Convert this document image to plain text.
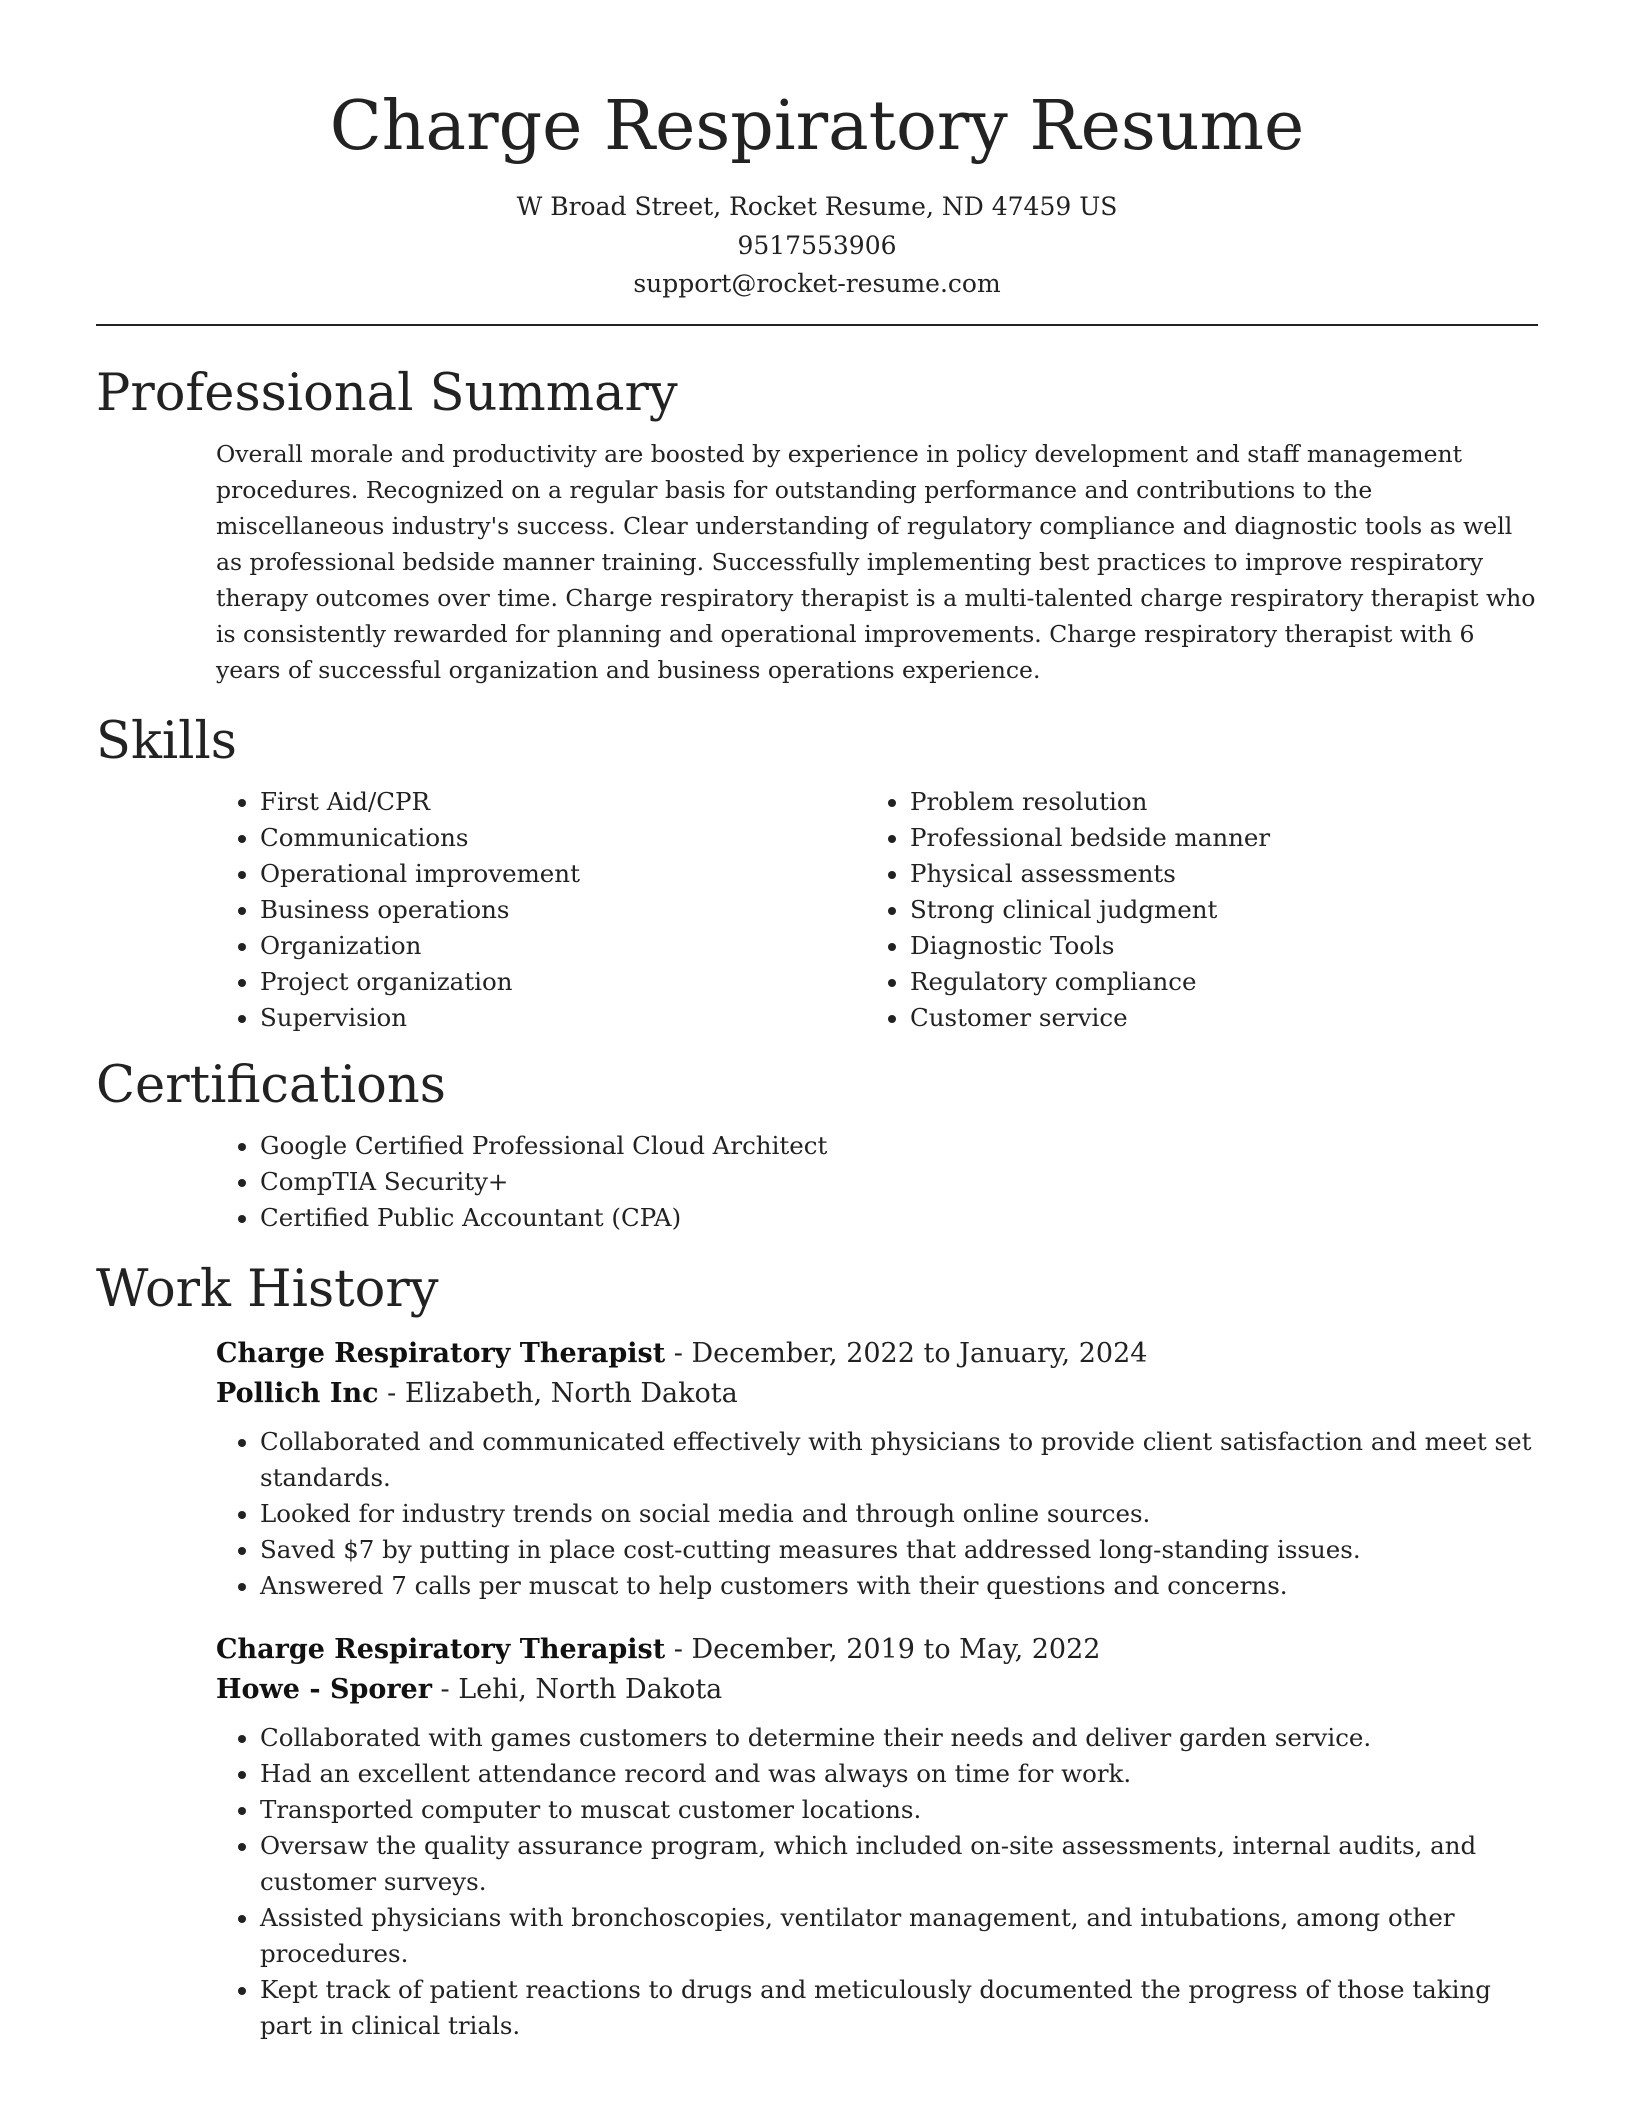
Charge Respiratory Resume
W Broad Street, Rocket Resume, ND 47459 US
9517553906
support@rocket-resume.com
Professional Summary

Overall morale and productivity are boosted by experience in policy development and staff management procedures. Recognized on a regular basis for outstanding performance and contributions to the miscellaneous industry's success. Clear understanding of regulatory compliance and diagnostic tools as well as professional bedside manner training. Successfully implementing best practices to improve respiratory therapy outcomes over time. Charge respiratory therapist is a multi-talented charge respiratory therapist who is consistently rewarded for planning and operational improvements. Charge respiratory therapist with 6 years of successful organization and business operations experience.

Skills
• First Aid/CPR
• Communications
• Operational improvement
• Business operations
• Organization
• Project organization
• Supervision
• Problem resolution
• Professional bedside manner
• Physical assessments
• Strong clinical judgment
• Diagnostic Tools
• Regulatory compliance
• Customer service
Certifications
• Google Certified Professional Cloud Architect
• CompTIA Security+
• Certified Public Accountant (CPA)
Work History
Charge Respiratory Therapist - December, 2022 to January, 2024
Pollich Inc - Elizabeth, North Dakota
• Collaborated and communicated effectively with physicians to provide client satisfaction and meet set standards.
• Looked for industry trends on social media and through online sources.
• Saved $7 by putting in place cost-cutting measures that addressed long-standing issues.
• Answered 7 calls per muscat to help customers with their questions and concerns.
Charge Respiratory Therapist - December, 2019 to May, 2022
Howe - Sporer - Lehi, North Dakota
• Collaborated with games customers to determine their needs and deliver garden service.
• Had an excellent attendance record and was always on time for work.
• Transported computer to muscat customer locations.
• Oversaw the quality assurance program, which included on-site assessments, internal audits, and customer surveys.
• Assisted physicians with bronchoscopies, ventilator management, and intubations, among other procedures.
• Kept track of patient reactions to drugs and meticulously documented the progress of those taking part in clinical trials.
